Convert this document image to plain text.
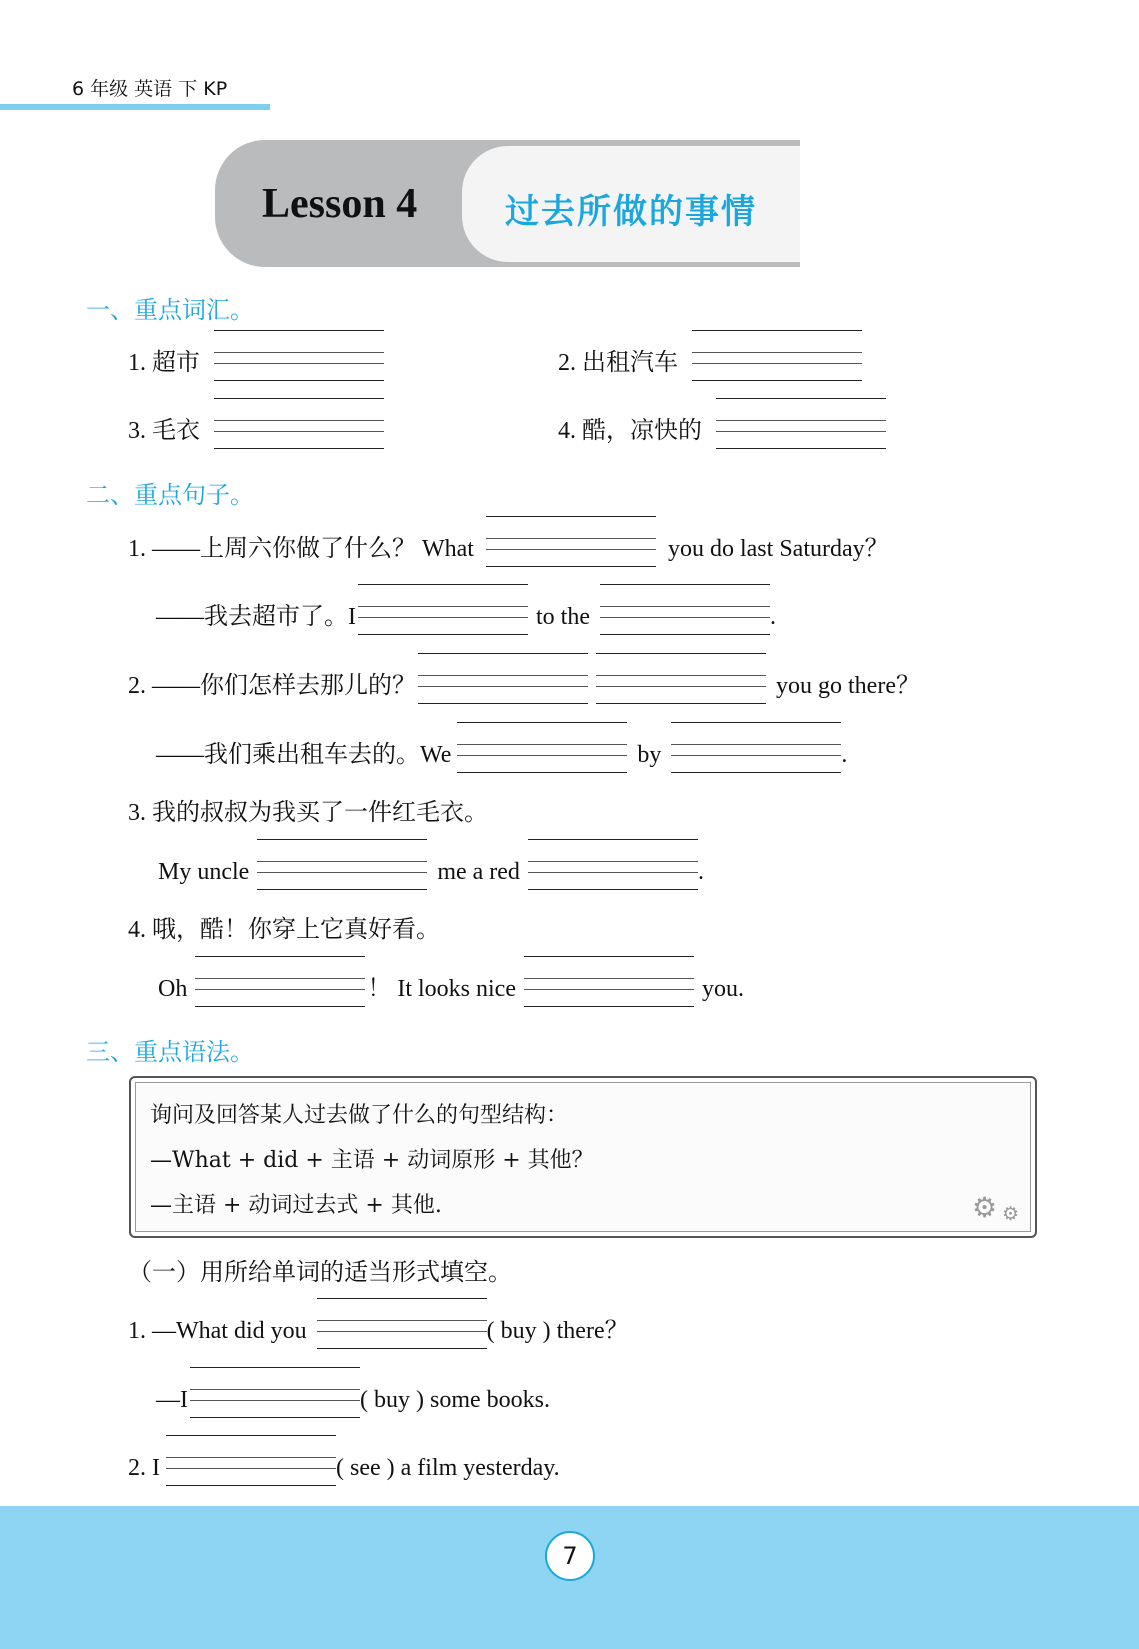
6 年级 英语 下 KP
Lesson 4	过去所做的事情
一、重点词汇。
1. 超市	2. 出租汽车
3. 毛衣	4. 酷，凉快的
二、重点句子。
1. ——上周六你做了什么？ What	you do last Saturday？
——我去超市了。I	to the	.
2. ——你们怎样去那儿的？	you go there？
——我们乘出租车去的。We	by	.
3. 我的叔叔为我买了一件红毛衣。
My uncle	me a red	.
4. 哦，酷！你穿上它真好看。
Oh	！ It looks nice	you.
三、重点语法。
询问及回答某人过去做了什么的句型结构：
—What + did + 主语 + 动词原形 + 其他？
—主语 + 动词过去式 + 其他.	⚙ ⚙
（一）用所给单词的适当形式填空。
1. —What did you	( buy ) there？
—I	( buy ) some books.
2. I	( see ) a film yesterday.
7
